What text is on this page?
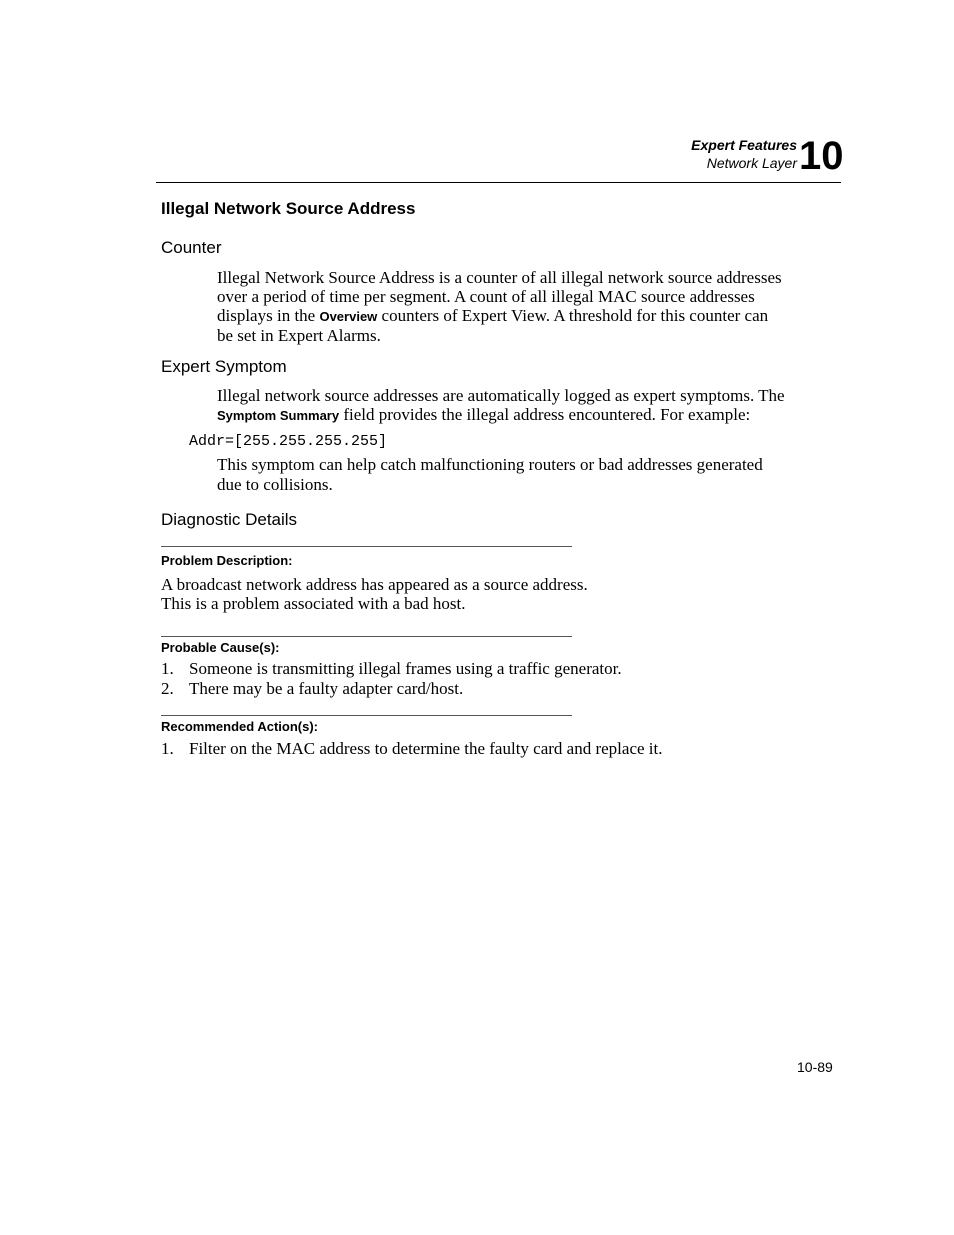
Expert Features
Network Layer 10
Illegal Network Source Address
Counter
Illegal Network Source Address is a counter of all illegal network source addresses
over a period of time per segment. A count of all illegal MAC source addresses
displays in the Overview counters of Expert View. A threshold for this counter can
be set in Expert Alarms.
Expert Symptom
Illegal network source addresses are automatically logged as expert symptoms. The
Symptom Summary field provides the illegal address encountered. For example:
Addr=[255.255.255.255]
This symptom can help catch malfunctioning routers or bad addresses generated
due to collisions.
Diagnostic Details
Problem Description:
A broadcast network address has appeared as a source address.
This is a problem associated with a bad host.
Probable Cause(s):
1. Someone is transmitting illegal frames using a traffic generator.
2. There may be a faulty adapter card/host.
Recommended Action(s):
1. Filter on the MAC address to determine the faulty card and replace it.
10-89
